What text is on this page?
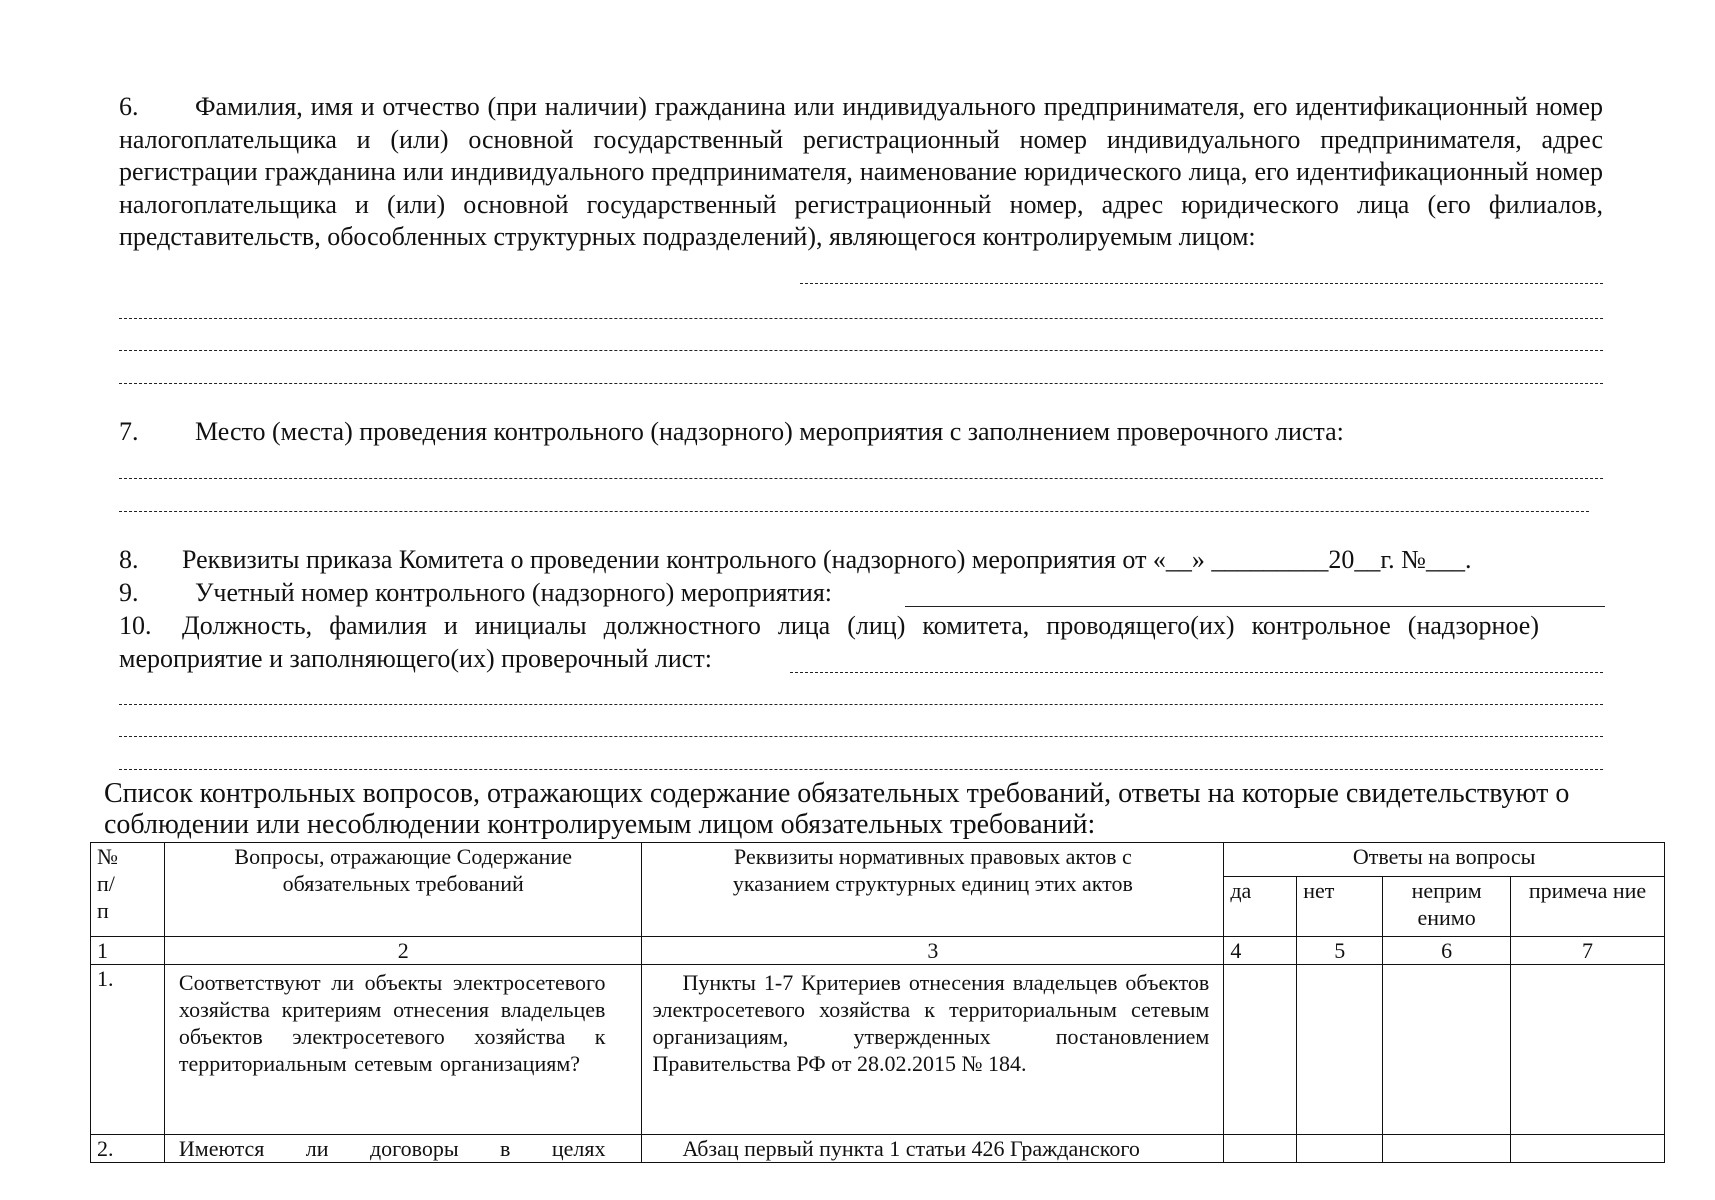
6. Фамилия, имя и отчество (при наличии) гражданина или индивидуального предпринимателя, его идентификационный номер налогоплательщика и (или) основной государственный регистрационный номер индивидуального предпринимателя, адрес регистрации гражданина или индивидуального предпринимателя, наименование юридического лица, его идентификационный номер налогоплательщика и (или) основной государственный регистрационный номер, адрес юридического лица (его филиалов, представительств, обособленных структурных подразделений), являющегося контролируемым лицом:
7. Место (места) проведения контрольного (надзорного) мероприятия с заполнением проверочного листа:
8. Реквизиты приказа Комитета о проведении контрольного (надзорного) мероприятия от «__» _________20__г. №___.
9. Учетный номер контрольного (надзорного) мероприятия:
10. Должность, фамилия и инициалы должностного лица (лиц) комитета, проводящего(их) контрольное (надзорное) мероприятие и заполняющего(их) проверочный лист:
Список контрольных вопросов, отражающих содержание обязательных требований, ответы на которые свидетельствуют о соблюдении или несоблюдении контролируемым лицом обязательных требований:
№ п/ п	Вопросы, отражающие Содержание обязательных требований	Реквизиты нормативных правовых актов с указанием структурных единиц этих актов	Ответы на вопросы			
			да	нет	неприм енимо	примеча ние
1	2	3	4	5	6	7
1.	Соответствуют ли объекты электросетевого хозяйства критериям отнесения владельцев объектов электросетевого хозяйства к территориальным сетевым организациям?	Пункты 1-7 Критериев отнесения владельцев объектов электросетевого хозяйства к территориальным сетевым организациям, утвержденных постановлением Правительства РФ от 28.02.2015 № 184.				

2.	Имеются ли договоры в целях	Абзац первый пункта 1 статьи 426 Гражданского				
